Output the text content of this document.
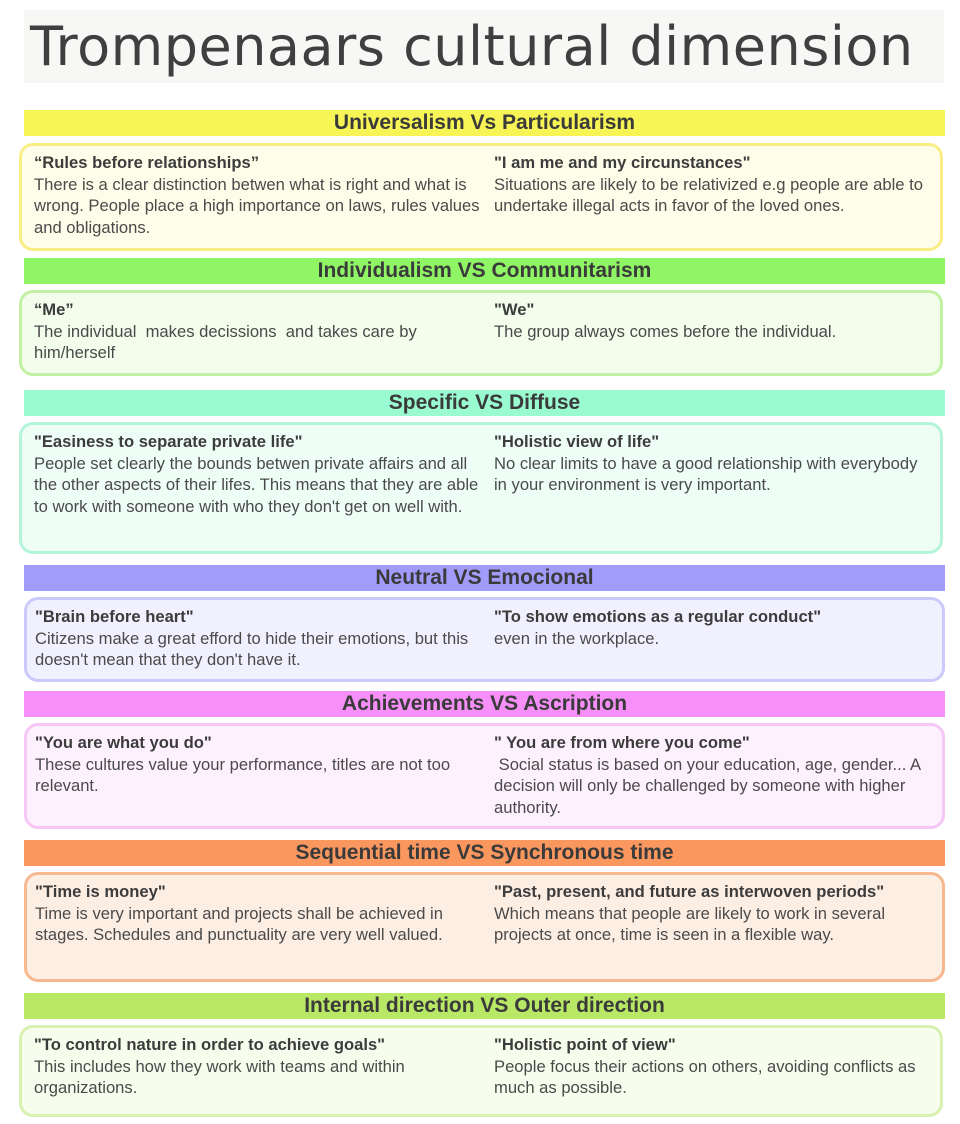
Trompenaars cultural dimension
Universalism Vs Particularism
“Rules before relationships”
There is a clear distinction betwen what is right and what is wrong. People place a high importance on laws, rules values and obligations.
"I am me and my circunstances"
Situations are likely to be relativized e.g people are able to undertake illegal acts in favor of the loved ones.
Individualism VS Communitarism
“Me”
The individual  makes decissions  and takes care by him/herself
"We"
The group always comes before the individual.
Specific VS Diffuse
"Easiness to separate private life"
People set clearly the bounds betwen private affairs and all the other aspects of their lifes. This means that they are able to work with someone with who they don't get on well with.
"Holistic view of life"
No clear limits to have a good relationship with everybody in your environment is very important.
Neutral VS Emocional
"Brain before heart"
Citizens make a great efford to hide their emotions, but this doesn't mean that they don't have it.
"To show emotions as a regular conduct"
even in the workplace.
Achievements VS Ascription
"You are what you do"
These cultures value your performance, titles are not too relevant.
" You are from where you come"
Social status is based on your education, age, gender... A decision will only be challenged by someone with higher authority.
Sequential time VS Synchronous time
"Time is money"
Time is very important and projects shall be achieved in stages. Schedules and punctuality are very well valued.
"Past, present, and future as interwoven periods"
Which means that people are likely to work in several projects at once, time is seen in a flexible way.
Internal direction VS Outer direction
"To control nature in order to achieve goals"
This includes how they work with teams and within organizations.
"Holistic point of view"
People focus their actions on others, avoiding conflicts as much as possible.
